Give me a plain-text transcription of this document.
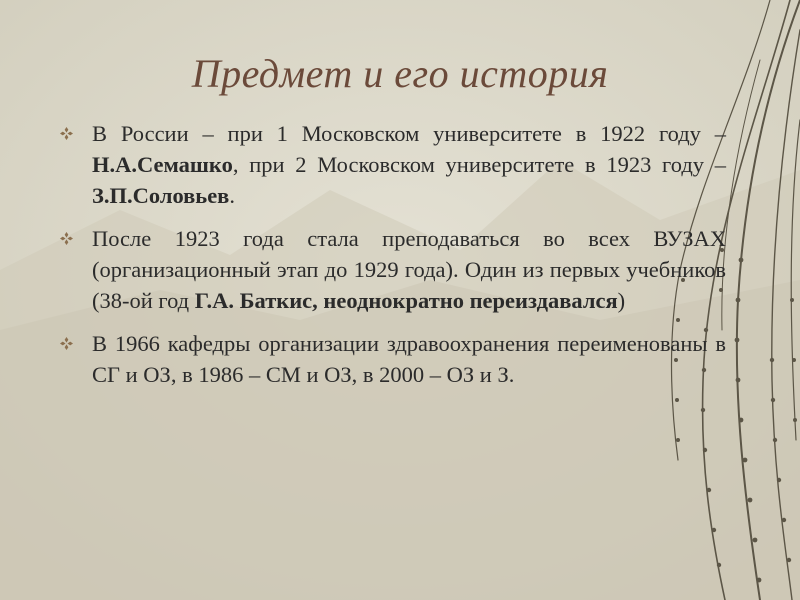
Предмет и его история

В России – при 1 Московском университете в 1922 году – Н.А.Семашко, при 2 Московском университете в 1923 году – З.П.Соловьев.

После 1923 года стала преподаваться во всех ВУЗАХ (организационный этап до 1929 года). Один из первых учебников (38-ой год Г.А. Баткис, неоднократно переиздавался)

В 1966 кафедры организации здравоохранения переименованы в СГ и ОЗ, в 1986 – СМ и ОЗ, в 2000 – ОЗ и З.
